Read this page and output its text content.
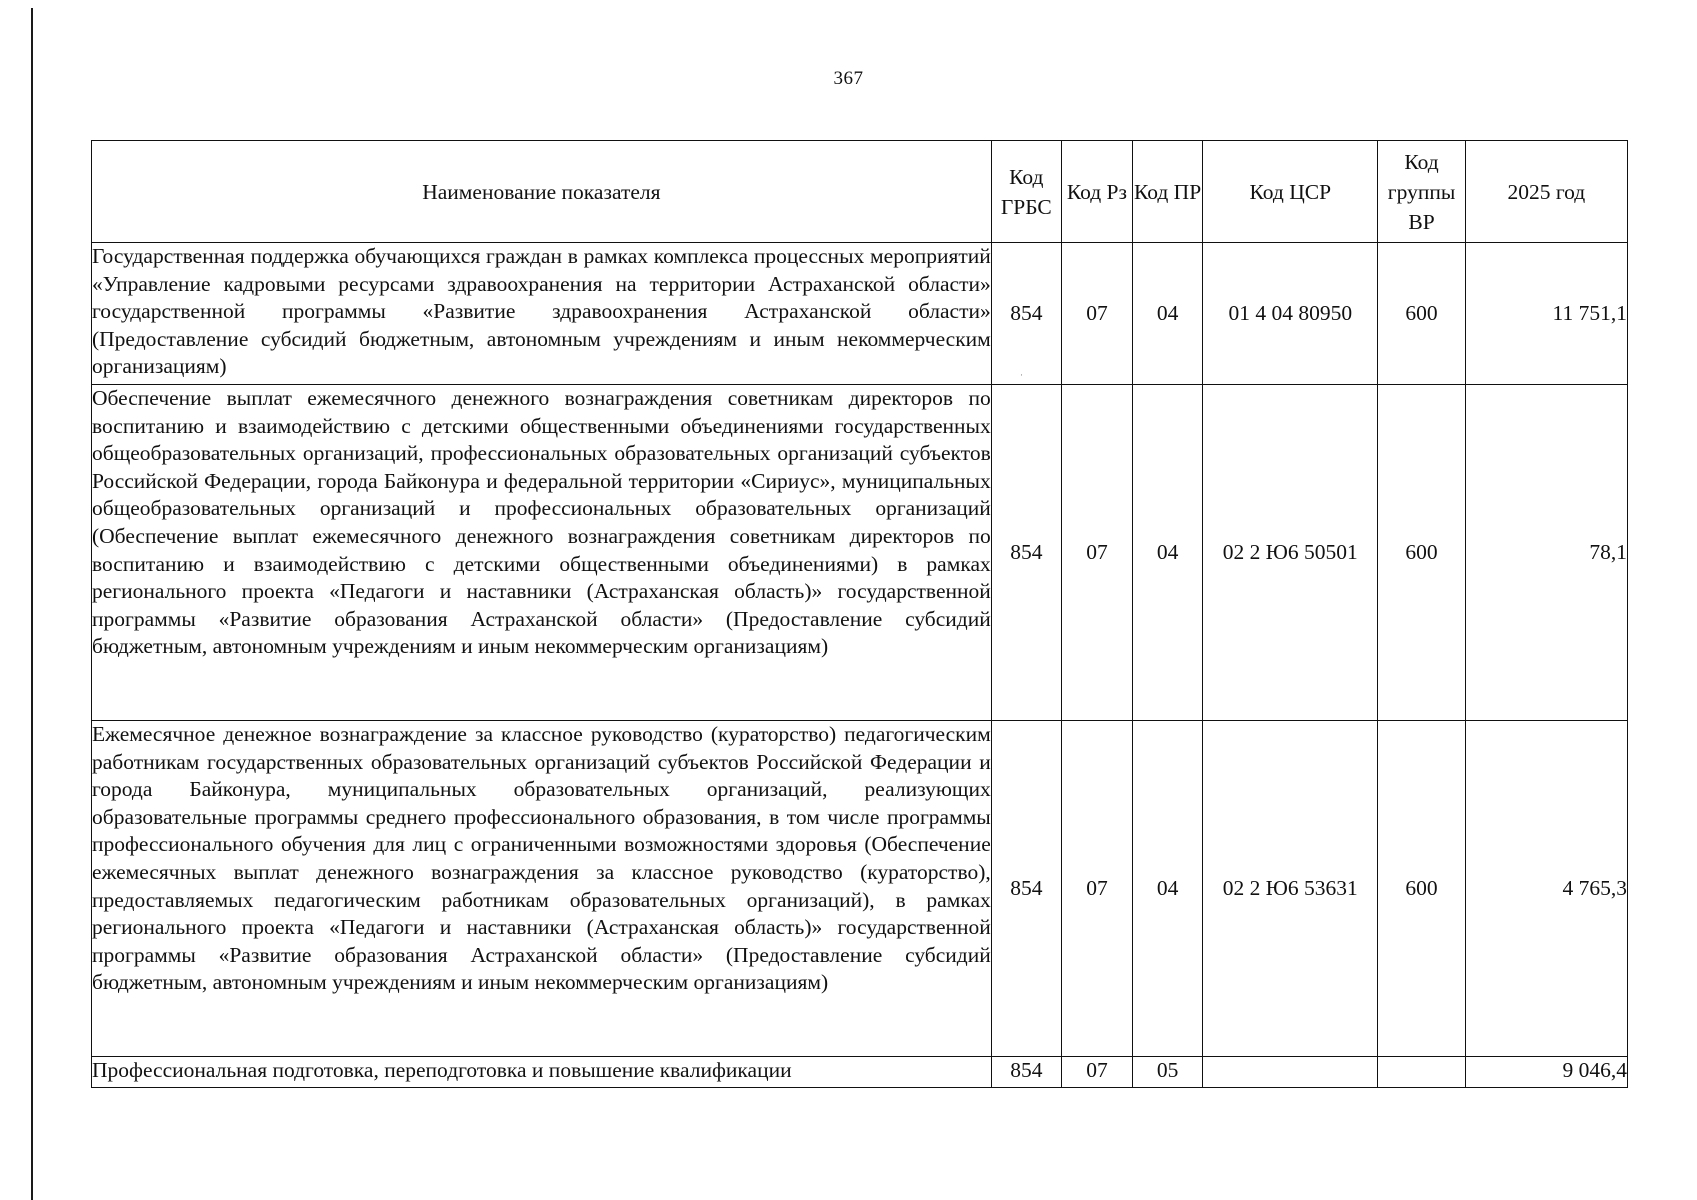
367
·
Наименование показателя	Код ГРБС	Код Рз	Код ПР	Код ЦСР	Код группы ВР	2025 год
Государственная поддержка обучающихся граждан в рамках комплекса процессных мероприятий «Управление кадровыми ресурсами здравоохранения на территории Астраханской области» государственной программы «Развитие здравоохранения Астраханской области» (Предоставление субсидий бюджетным, автономным учреждениям и иным некоммерческим организациям)	854	07	04	01 4 04 80950	600	11 751,1
Обеспечение выплат ежемесячного денежного вознаграждения советникам директоров по воспитанию и взаимодействию с детскими общественными объединениями государственных общеобразовательных организаций, профессиональных образовательных организаций субъектов Российской Федерации, города Байконура и федеральной территории «Сириус», муниципальных общеобразовательных организаций и профессиональных образовательных организаций (Обеспечение выплат ежемесячного денежного вознаграждения советникам директоров по воспитанию и взаимодействию с детскими общественными объединениями) в рамках регионального проекта «Педагоги и наставники (Астраханская область)» государственной программы «Развитие образования Астраханской области» (Предоставление субсидий бюджетным, автономным учреждениям и иным некоммерческим организациям)	854	07	04	02 2 Ю6 50501	600	78,1
Ежемесячное денежное вознаграждение за классное руководство (кураторство) педагогическим работникам государственных образовательных организаций субъектов Российской Федерации и города Байконура, муниципальных образовательных организаций, реализующих образовательные программы среднего профессионального образования, в том числе программы профессионального обучения для лиц с ограниченными возможностями здоровья (Обеспечение ежемесячных выплат денежного вознаграждения за классное руководство (кураторство), предоставляемых педагогическим работникам образовательных организаций), в рамках регионального проекта «Педагоги и наставники (Астраханская область)» государственной программы «Развитие образования Астраханской области» (Предоставление субсидий бюджетным, автономным учреждениям и иным некоммерческим организациям)	854	07	04	02 2 Ю6 53631	600	4 765,3
Профессиональная подготовка, переподготовка и повышение квалификации	854	07	05			9 046,4
